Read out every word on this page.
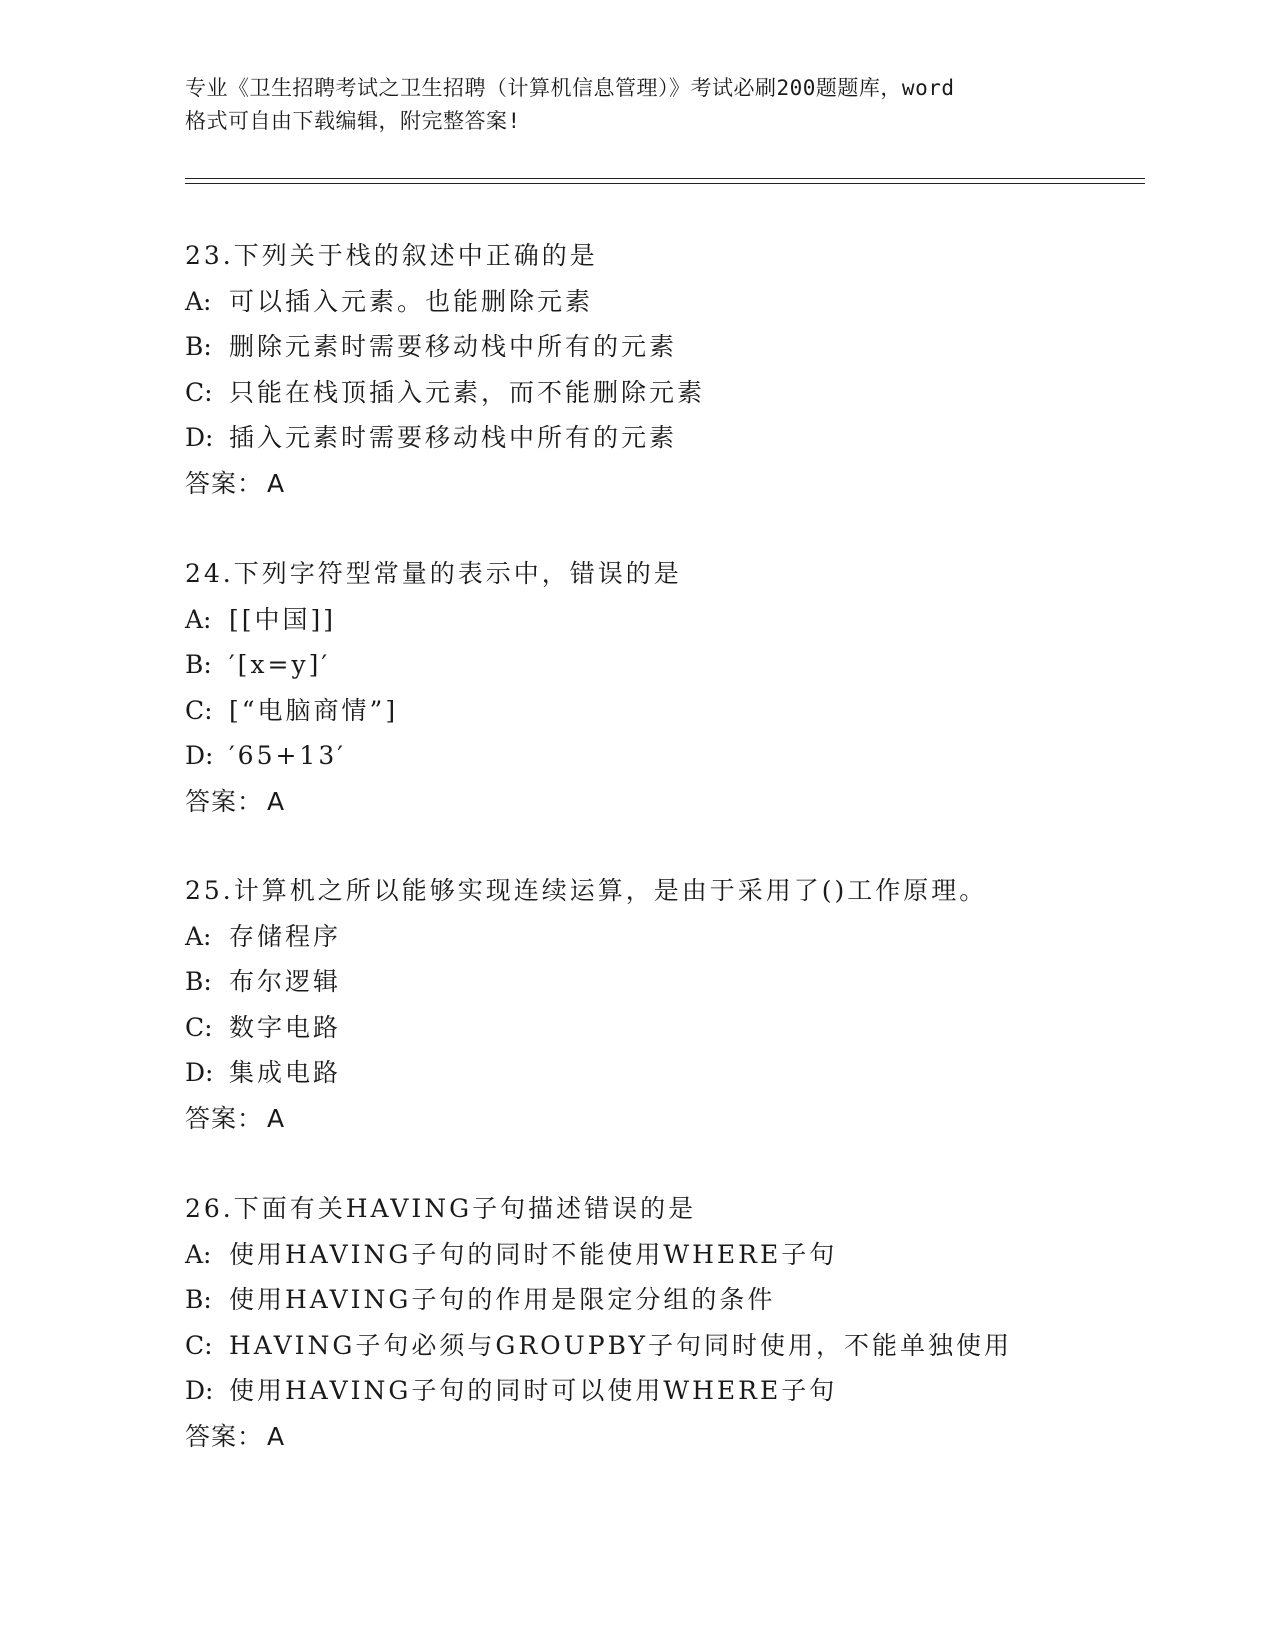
专业《卫生招聘考试之卫生招聘（计算机信息管理）》考试必刷200题题库，word
格式可自由下载编辑，附完整答案!
23.下列关于栈的叙述中正确的是
A: 可以插入元素。也能删除元素
B: 删除元素时需要移动栈中所有的元素
C: 只能在栈顶插入元素，而不能删除元素
D: 插入元素时需要移动栈中所有的元素
答案： A
24.下列字符型常量的表示中，错误的是
A: [[中国]]
B: ′[x=y]′
C: [“电脑商情”]
D: ′65+13′
答案： A
25.计算机之所以能够实现连续运算，是由于采用了()工作原理。
A: 存储程序
B: 布尔逻辑
C: 数字电路
D: 集成电路
答案： A
26.下面有关HAVING子句描述错误的是
A: 使用HAVING子句的同时不能使用WHERE子句
B: 使用HAVING子句的作用是限定分组的条件
C: HAVING子句必须与GROUPBY子句同时使用，不能单独使用
D: 使用HAVING子句的同时可以使用WHERE子句
答案： A
